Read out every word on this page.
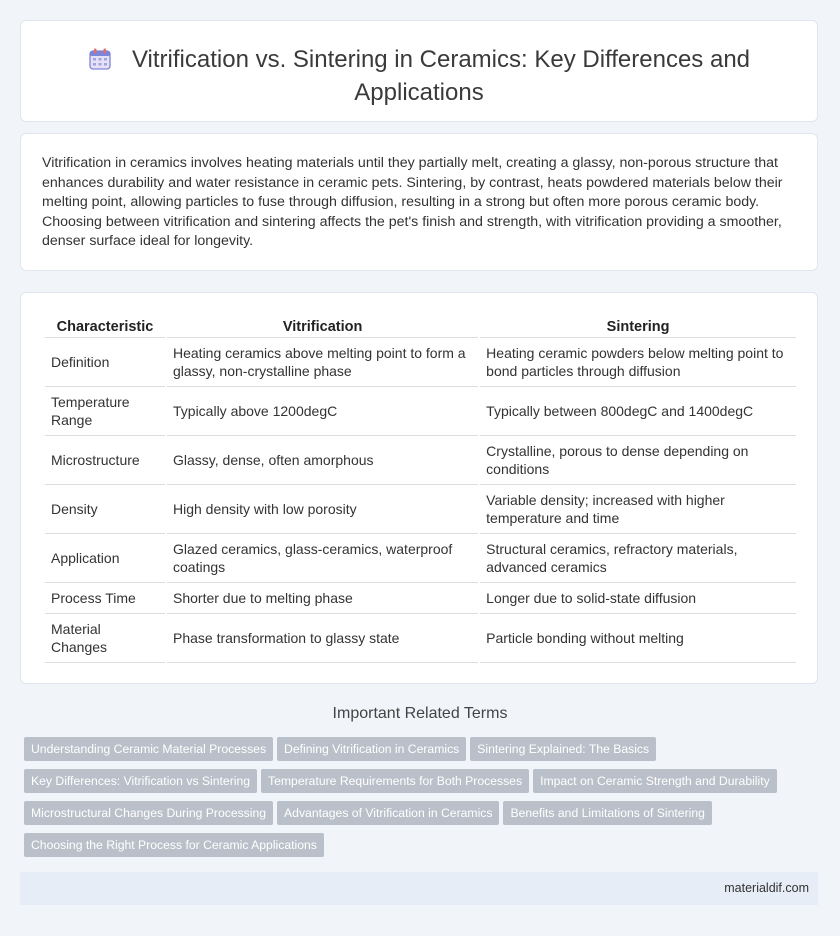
Vitrification vs. Sintering in Ceramics: Key Differences and Applications

Vitrification in ceramics involves heating materials until they partially melt, creating a glassy, non-porous structure that enhances durability and water resistance in ceramic pets. Sintering, by contrast, heats powdered materials below their melting point, allowing particles to fuse through diffusion, resulting in a strong but often more porous ceramic body. Choosing between vitrification and sintering affects the pet's finish and strength, with vitrification providing a smoother, denser surface ideal for longevity.

Characteristic	Vitrification	Sintering
Definition	Heating ceramics above melting point to form a glassy, non-crystalline phase	Heating ceramic powders below melting point to bond particles through diffusion
Temperature Range	Typically above 1200degC	Typically between 800degC and 1400degC
Microstructure	Glassy, dense, often amorphous	Crystalline, porous to dense depending on conditions
Density	High density with low porosity	Variable density; increased with higher temperature and time
Application	Glazed ceramics, glass-ceramics, waterproof coatings	Structural ceramics, refractory materials, advanced ceramics
Process Time	Shorter due to melting phase	Longer due to solid-state diffusion
Material Changes	Phase transformation to glassy state	Particle bonding without melting
Important Related Terms
Understanding Ceramic Material Processes Defining Vitrification in Ceramics Sintering Explained: The Basics
Key Differences: Vitrification vs Sintering Temperature Requirements for Both Processes Impact on Ceramic Strength and Durability
Microstructural Changes During Processing Advantages of Vitrification in Ceramics Benefits and Limitations of Sintering
Choosing the Right Process for Ceramic Applications
materialdif.com
